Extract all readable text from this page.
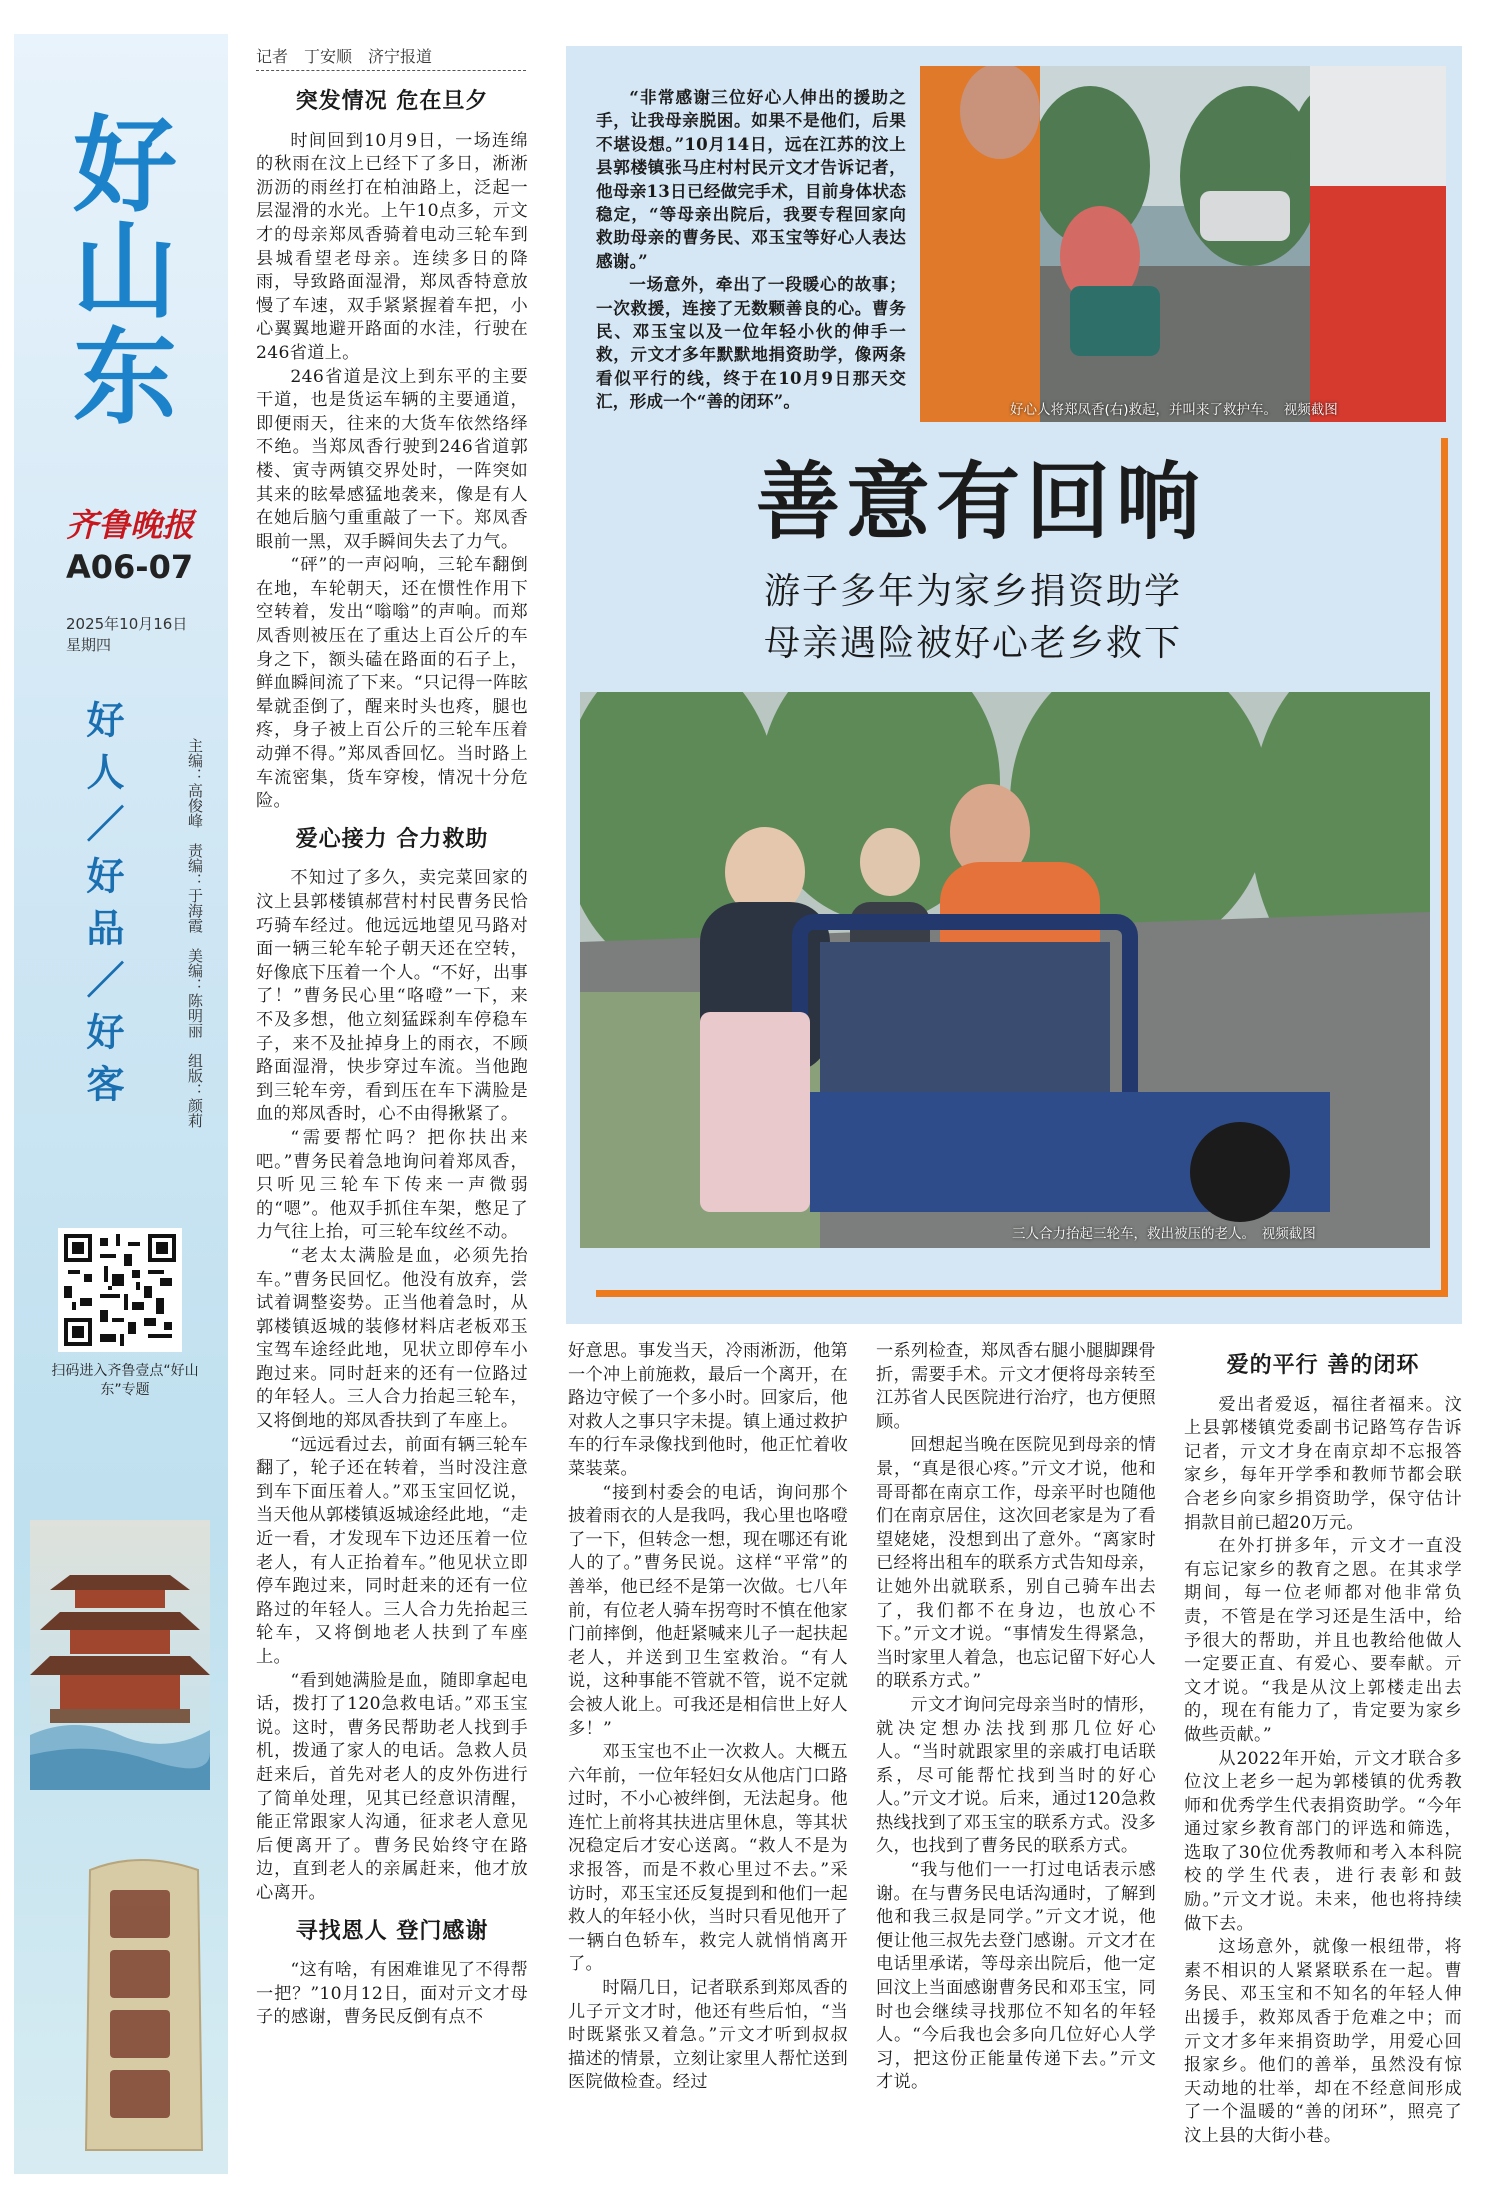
好山东
齐鲁晚报
A06-07
2025年10月16日
星期四
好人／好品／好客	主编：高俊峰　责编：于海霞　美编：陈明丽　组版：颜莉
扫码进入齐鲁壹点“好山东”专题
记者　丁安顺　济宁报道
突发情况 危在旦夕

时间回到10月9日，一场连绵的秋雨在汶上已经下了多日，淅淅沥沥的雨丝打在柏油路上，泛起一层湿滑的水光。上午10点多，亓文才的母亲郑凤香骑着电动三轮车到县城看望老母亲。连续多日的降雨，导致路面湿滑，郑凤香特意放慢了车速，双手紧紧握着车把，小心翼翼地避开路面的水洼，行驶在246省道上。

246省道是汶上到东平的主要干道，也是货运车辆的主要通道，即便雨天，往来的大货车依然络绎不绝。当郑凤香行驶到246省道郭楼、寅寺两镇交界处时，一阵突如其来的眩晕感猛地袭来，像是有人在她后脑勺重重敲了一下。郑凤香眼前一黑，双手瞬间失去了力气。

“砰”的一声闷响，三轮车翻倒在地，车轮朝天，还在惯性作用下空转着，发出“嗡嗡”的声响。而郑凤香则被压在了重达上百公斤的车身之下，额头磕在路面的石子上，鲜血瞬间流了下来。“只记得一阵眩晕就歪倒了，醒来时头也疼，腿也疼，身子被上百公斤的三轮车压着动弹不得。”郑凤香回忆。当时路上车流密集，货车穿梭，情况十分危险。

爱心接力 合力救助

不知过了多久，卖完菜回家的汶上县郭楼镇郝营村村民曹务民恰巧骑车经过。他远远地望见马路对面一辆三轮车轮子朝天还在空转，好像底下压着一个人。“不好，出事了！”曹务民心里“咯噔”一下，来不及多想，他立刻猛踩刹车停稳车子，来不及扯掉身上的雨衣，不顾路面湿滑，快步穿过车流。当他跑到三轮车旁，看到压在车下满脸是血的郑凤香时，心不由得揪紧了。

“需要帮忙吗？把你扶出来吧。”曹务民着急地询问着郑凤香，只听见三轮车下传来一声微弱的“嗯”。他双手抓住车架，憋足了力气往上抬，可三轮车纹丝不动。

“老太太满脸是血，必须先抬车。”曹务民回忆。他没有放弃，尝试着调整姿势。正当他着急时，从郭楼镇返城的装修材料店老板邓玉宝驾车途经此地，见状立即停车小跑过来。同时赶来的还有一位路过的年轻人。三人合力抬起三轮车，又将倒地的郑凤香扶到了车座上。

“远远看过去，前面有辆三轮车翻了，轮子还在转着，当时没注意到车下面压着人。”邓玉宝回忆说，当天他从郭楼镇返城途经此地，“走近一看，才发现车下边还压着一位老人，有人正抬着车。”他见状立即停车跑过来，同时赶来的还有一位路过的年轻人。三人合力先抬起三轮车，又将倒地老人扶到了车座上。

“看到她满脸是血，随即拿起电话，拨打了120急救电话。”邓玉宝说。这时，曹务民帮助老人找到手机，拨通了家人的电话。急救人员赶来后，首先对老人的皮外伤进行了简单处理，见其已经意识清醒，能正常跟家人沟通，征求老人意见后便离开了。曹务民始终守在路边，直到老人的亲属赶来，他才放心离开。

寻找恩人 登门感谢

“这有啥，有困难谁见了不得帮一把？”10月12日，面对亓文才母子的感谢，曹务民反倒有点不

“非常感谢三位好心人伸出的援助之手，让我母亲脱困。如果不是他们，后果不堪设想。”10月14日，远在江苏的汶上县郭楼镇张马庄村村民亓文才告诉记者，他母亲13日已经做完手术，目前身体状态稳定，“等母亲出院后，我要专程回家向救助母亲的曹务民、邓玉宝等好心人表达感谢。”

一场意外，牵出了一段暖心的故事；一次救援，连接了无数颗善良的心。曹务民、邓玉宝以及一位年轻小伙的伸手一救，亓文才多年默默地捐资助学，像两条看似平行的线，终于在10月9日那天交汇，形成一个“善的闭环”。	好心人将郑凤香(右)救起，并叫来了救护车。　视频截图
善意有回响
游子多年为家乡捐资助学
母亲遇险被好心老乡救下
三人合力抬起三轮车，救出被压的老人。　视频截图

好意思。事发当天，冷雨淅沥，他第一个冲上前施救，最后一个离开，在路边守候了一个多小时。回家后，他对救人之事只字未提。镇上通过救护车的行车录像找到他时，他正忙着收菜装菜。

“接到村委会的电话，询问那个披着雨衣的人是我吗，我心里也咯噔了一下，但转念一想，现在哪还有讹人的了。”曹务民说。这样“平常”的善举，他已经不是第一次做。七八年前，有位老人骑车拐弯时不慎在他家门前摔倒，他赶紧喊来儿子一起扶起老人，并送到卫生室救治。“有人说，这种事能不管就不管，说不定就会被人讹上。可我还是相信世上好人多！”

邓玉宝也不止一次救人。大概五六年前，一位年轻妇女从他店门口路过时，不小心被绊倒，无法起身。他连忙上前将其扶进店里休息，等其状况稳定后才安心送离。“救人不是为求报答，而是不救心里过不去。”采访时，邓玉宝还反复提到和他们一起救人的年轻小伙，当时只看见他开了一辆白色轿车，救完人就悄悄离开了。

时隔几日，记者联系到郑凤香的儿子亓文才时，他还有些后怕，“当时既紧张又着急。”亓文才听到叔叔描述的情景，立刻让家里人帮忙送到医院做检查。经过

一系列检查，郑凤香右腿小腿脚踝骨折，需要手术。亓文才便将母亲转至江苏省人民医院进行治疗，也方便照顾。

回想起当晚在医院见到母亲的情景，“真是很心疼。”亓文才说，他和哥哥都在南京工作，母亲平时也随他们在南京居住，这次回老家是为了看望姥姥，没想到出了意外。“离家时已经将出租车的联系方式告知母亲，让她外出就联系，别自己骑车出去了，我们都不在身边，也放心不下。”亓文才说。“事情发生得紧急，当时家里人着急，也忘记留下好心人的联系方式。”

亓文才询问完母亲当时的情形，就决定想办法找到那几位好心人。“当时就跟家里的亲戚打电话联系，尽可能帮忙找到当时的好心人。”亓文才说。后来，通过120急救热线找到了邓玉宝的联系方式。没多久，也找到了曹务民的联系方式。

“我与他们一一打过电话表示感谢。在与曹务民电话沟通时，了解到他和我三叔是同学。”亓文才说，他便让他三叔先去登门感谢。亓文才在电话里承诺，等母亲出院后，他一定回汶上当面感谢曹务民和邓玉宝，同时也会继续寻找那位不知名的年轻人。“今后我也会多向几位好心人学习，把这份正能量传递下去。”亓文才说。

爱的平行 善的闭环

爱出者爱返，福往者福来。汶上县郭楼镇党委副书记路笃存告诉记者，亓文才身在南京却不忘报答家乡，每年开学季和教师节都会联合老乡向家乡捐资助学，保守估计捐款目前已超20万元。

在外打拼多年，亓文才一直没有忘记家乡的教育之恩。在其求学期间，每一位老师都对他非常负责，不管是在学习还是生活中，给予很大的帮助，并且也教给他做人一定要正直、有爱心、要奉献。亓文才说。“我是从汶上郭楼走出去的，现在有能力了，肯定要为家乡做些贡献。”

从2022年开始，亓文才联合多位汶上老乡一起为郭楼镇的优秀教师和优秀学生代表捐资助学。“今年通过家乡教育部门的评选和筛选，选取了30位优秀教师和考入本科院校的学生代表，进行表彰和鼓励。”亓文才说。未来，他也将持续做下去。

这场意外，就像一根纽带，将素不相识的人紧紧联系在一起。曹务民、邓玉宝和不知名的年轻人伸出援手，救郑凤香于危难之中；而亓文才多年来捐资助学，用爱心回报家乡。他们的善举，虽然没有惊天动地的壮举，却在不经意间形成了一个温暖的“善的闭环”，照亮了汶上县的大街小巷。
